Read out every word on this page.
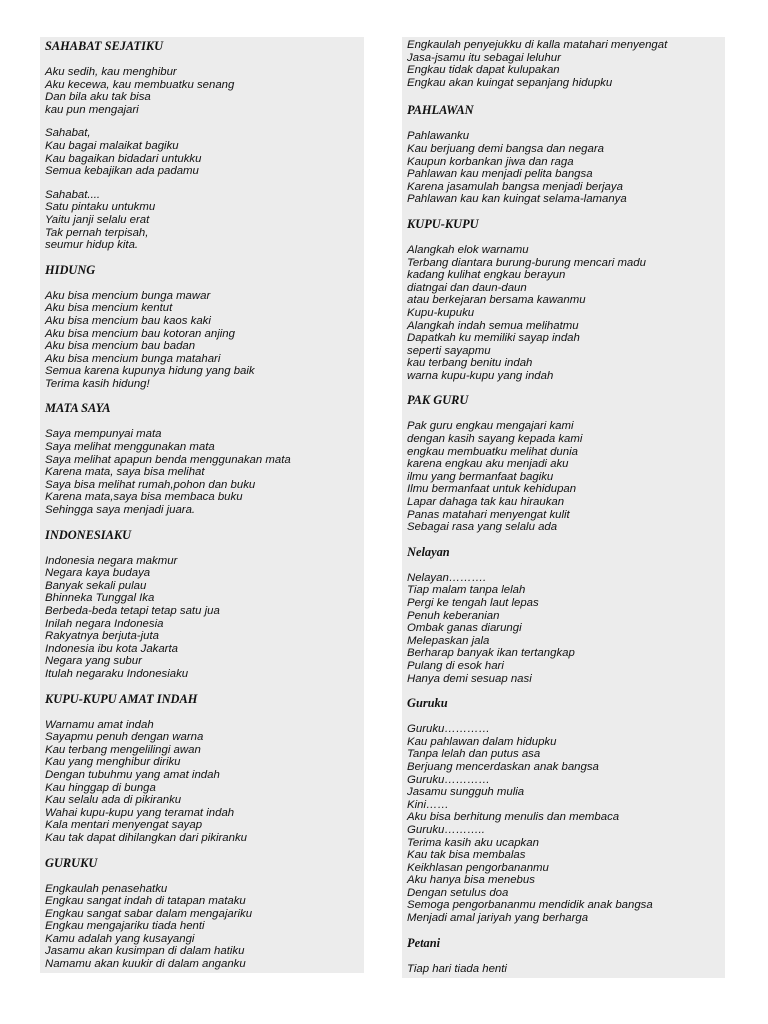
SAHABAT SEJATIKU
Aku sedih, kau menghibur
Aku kecewa, kau membuatku senang
Dan bila aku tak bisa
kau pun mengajari
Sahabat,
Kau bagai malaikat bagiku
Kau bagaikan bidadari untukku
Semua kebajikan ada padamu
Sahabat....
Satu pintaku untukmu
Yaitu janji selalu erat
Tak pernah terpisah,
seumur hidup kita.
HIDUNG
Aku bisa mencium bunga mawar
Aku bisa mencium kentut
Aku bisa mencium bau kaos kaki
Aku bisa mencium bau kotoran anjing
Aku bisa mencium bau badan
Aku bisa mencium bunga matahari
Semua karena kupunya hidung yang baik
Terima kasih hidung!
MATA SAYA
Saya mempunyai mata
Saya melihat menggunakan mata
Saya melihat apapun benda menggunakan mata
Karena mata, saya bisa melihat
Saya bisa melihat rumah,pohon dan buku
Karena mata,saya bisa membaca buku
Sehingga saya menjadi juara.
INDONESIAKU
Indonesia negara makmur
Negara kaya budaya
Banyak sekali pulau
Bhinneka Tunggal Ika
Berbeda-beda tetapi tetap satu jua
Inilah negara Indonesia
Rakyatnya berjuta-juta
Indonesia ibu kota Jakarta
Negara yang subur
Itulah negaraku Indonesiaku
KUPU-KUPU AMAT INDAH
Warnamu amat indah
Sayapmu penuh dengan warna
Kau terbang mengelilingi awan
Kau yang menghibur diriku
Dengan tubuhmu yang amat indah
Kau hinggap di bunga
Kau selalu ada di pikiranku
Wahai kupu-kupu yang teramat indah
Kala mentari menyengat sayap
Kau tak dapat dihilangkan dari pikiranku
GURUKU
Engkaulah penasehatku
Engkau sangat indah di tatapan mataku
Engkau sangat sabar dalam mengajariku
Engkau mengajariku tiada henti
Kamu adalah yang kusayangi
Jasamu akan kusimpan di dalam hatiku
Namamu akan kuukir di dalam anganku
Engkaulah penyejukku di kalla matahari menyengat
Jasa-jsamu itu sebagai leluhur
Engkau tidak dapat kulupakan
Engkau akan kuingat sepanjang hidupku
PAHLAWAN
Pahlawanku
Kau berjuang demi bangsa dan negara
Kaupun korbankan jiwa dan raga
Pahlawan kau menjadi pelita bangsa
Karena jasamulah bangsa menjadi berjaya
Pahlawan kau kan kuingat selama-lamanya
KUPU-KUPU
Alangkah elok warnamu
Terbang diantara burung-burung mencari madu
kadang kulihat engkau berayun
diatngai dan daun-daun
atau berkejaran bersama kawanmu
Kupu-kupuku
Alangkah indah semua melihatmu
Dapatkah ku memiliki sayap indah
seperti sayapmu
kau terbang benitu indah
warna kupu-kupu yang indah
PAK GURU
Pak guru engkau mengajari kami
dengan kasih sayang kepada kami
engkau membuatku melihat dunia
karena engkau aku menjadi aku
ilmu yang bermanfaat bagiku
Ilmu bermanfaat untuk kehidupan
Lapar dahaga tak kau hiraukan
Panas matahari menyengat kulit
Sebagai rasa yang selalu ada
Nelayan
Nelayan……….
Tiap malam tanpa lelah
Pergi ke tengah laut lepas
Penuh keberanian
Ombak ganas diarungi
Melepaskan jala
Berharap banyak ikan tertangkap
Pulang di esok hari
Hanya demi sesuap nasi
Guruku
Guruku…………
Kau pahlawan dalam hidupku
Tanpa lelah dan putus asa
Berjuang mencerdaskan anak bangsa
Guruku…………
Jasamu sungguh mulia
Kini……
Aku bisa berhitung menulis dan membaca
Guruku………..
Terima kasih aku ucapkan
Kau tak bisa membalas
Keikhlasan pengorbananmu
Aku hanya bisa menebus
Dengan setulus doa
Semoga pengorbananmu mendidik anak bangsa
Menjadi amal jariyah yang berharga
Petani
Tiap hari tiada henti
